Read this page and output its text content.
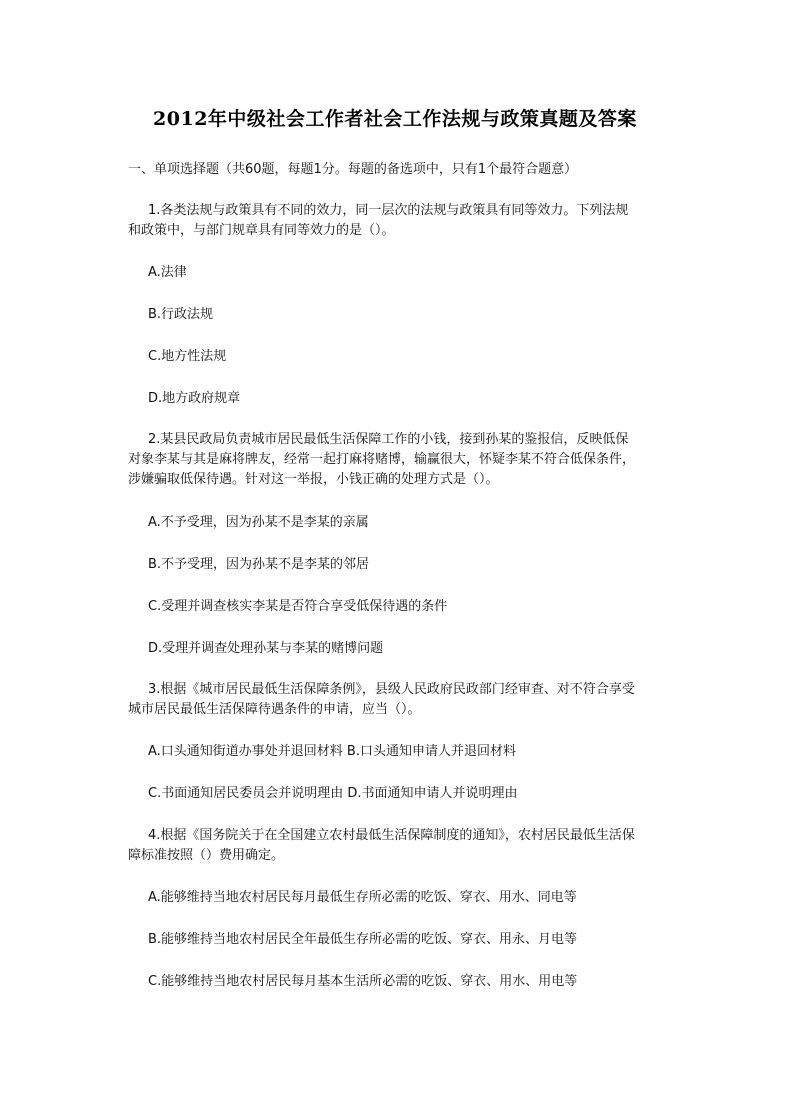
2012年中级社会工作者社会工作法规与政策真题及答案
一、单项选择题（共60题，每题1分。每题的备选项中，只有1个最符合题意）
1.各类法规与政策具有不同的效力，同一层次的法规与政策具有同等效力。下列法规
和政策中，与部门规章具有同等效力的是（）。
A.法律
B.行政法规
C.地方性法规
D.地方政府规章
2.某县民政局负责城市居民最低生活保障工作的小钱，接到孙某的鉴报信，反映低保
对象李某与其是麻将牌友，经常一起打麻将赌博，输赢很大，怀疑李某不符合低保条件，
涉嫌骗取低保待遇。针对这一举报，小钱正确的处理方式是（）。
A.不予受理，因为孙某不是李某的亲属
B.不予受理，因为孙某不是李某的邻居
C.受理并调查核实李某是否符合享受低保待遇的条件
D.受理并调查处理孙某与李某的赌博问题
3.根据《城市居民最低生活保障条例》，县级人民政府民政部门经审查、对不符合享受
城市居民最低生活保障待遇条件的申请，应当（）。
A.口头通知街道办事处并退回材料 B.口头通知申请人并退回材料
C.书面通知居民委员会并说明理由 D.书面通知申请人并说明理由
4.根据《国务院关于在全国建立农村最低生活保障制度的通知》，农村居民最低生活保
障标准按照（）费用确定。
A.能够维持当地农村居民每月最低生存所必需的吃饭、穿衣、用水、同电等
B.能够维持当地农村居民全年最低生存所必需的吃饭、穿衣、用永、月电等
C.能够维持当地农村居民每月基本生活所必需的吃饭、穿衣、用水、用电等
